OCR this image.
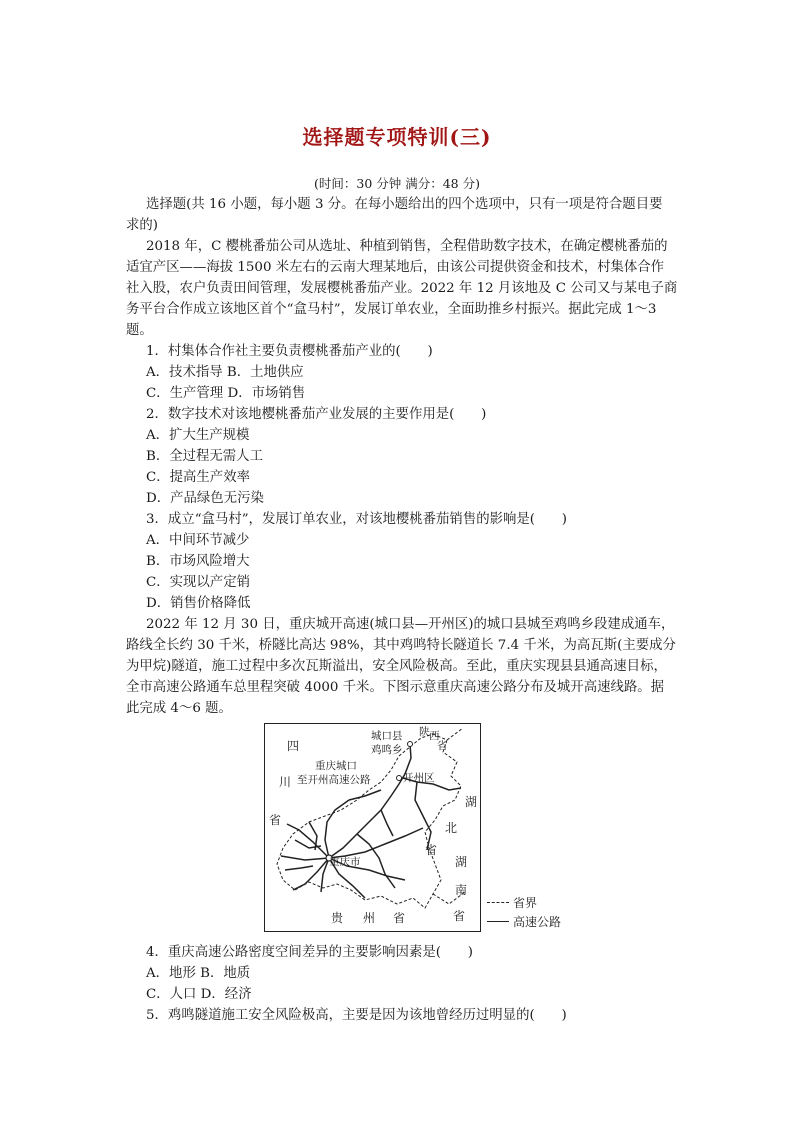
选择题专项特训(三)
(时间：30 分钟 满分：48 分)
选择题(共 16 小题，每小题 3 分。在每小题给出的四个选项中，只有一项是符合题目要
求的)
2018 年，C 樱桃番茄公司从选址、种植到销售，全程借助数字技术，在确定樱桃番茄的
适宜产区——海拔 1500 米左右的云南大理某地后，由该公司提供资金和技术，村集体合作
社入股，农户负责田间管理，发展樱桃番茄产业。2022 年 12 月该地及 C 公司又与某电子商
务平台合作成立该地区首个“盒马村”，发展订单农业，全面助推乡村振兴。据此完成 1～3
题。
1．村集体合作社主要负责樱桃番茄产业的(　　)
A．技术指导 B．土地供应
C．生产管理 D．市场销售
2．数字技术对该地樱桃番茄产业发展的主要作用是(　　)
A．扩大生产规模
B．全过程无需人工
C．提高生产效率
D．产品绿色无污染
3．成立“盒马村”，发展订单农业，对该地樱桃番茄销售的影响是(　　)
A．中间环节减少
B．市场风险增大
C．实现以产定销
D．销售价格降低
2022 年 12 月 30 日，重庆城开高速(城口县—开州区)的城口县城至鸡鸣乡段建成通车，
路线全长约 30 千米，桥隧比高达 98%，其中鸡鸣特长隧道长 7.4 千米，为高瓦斯(主要成分
为甲烷)隧道，施工过程中多次瓦斯溢出，安全风险极高。至此，重庆实现县县通高速目标，
全市高速公路通车总里程突破 4000 千米。下图示意重庆高速公路分布及城开高速线路。据
此完成 4～6 题。
4．重庆高速公路密度空间差异的主要影响因素是(　　)
A．地形 B．地质
C．人口 D．经济
5．鸡鸣隧道施工安全风险极高，主要是因为该地曾经历过明显的(　　)
四
川
省
城口县
鸡鸣乡
陕 西
省
重庆城口
至开州高速公路	开州区
湖
北
省
湖
南
省
重庆市
贵 州 省
省界
高速公路
